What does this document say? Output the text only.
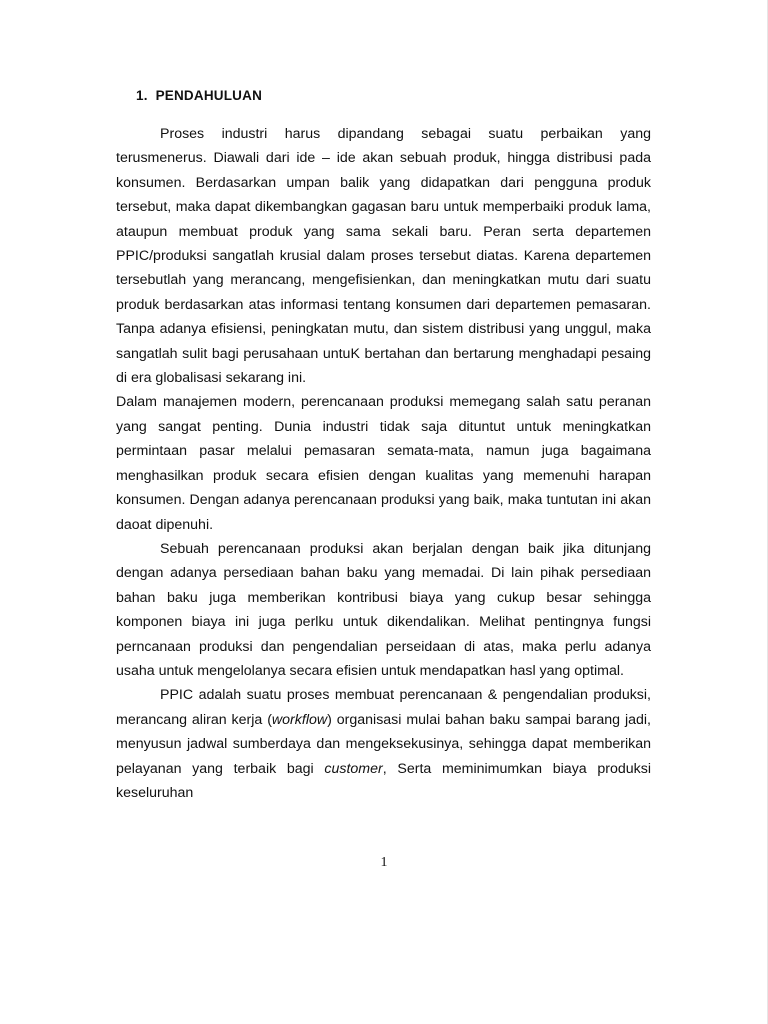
1. PENDAHULUAN

Proses industri harus dipandang sebagai suatu perbaikan yang terusmenerus. Diawali dari ide – ide akan sebuah produk, hingga distribusi pada konsumen. Berdasarkan umpan balik yang didapatkan dari pengguna produk tersebut, maka dapat dikembangkan gagasan baru untuk memperbaiki produk lama, ataupun membuat produk yang sama sekali baru. Peran serta departemen PPIC/produksi sangatlah krusial dalam proses tersebut diatas. Karena departemen tersebutlah yang merancang, mengefisienkan, dan meningkatkan mutu dari suatu produk berdasarkan atas informasi tentang konsumen dari departemen pemasaran. Tanpa adanya efisiensi, peningkatan mutu, dan sistem distribusi yang unggul, maka sangatlah sulit bagi perusahaan untuK bertahan dan bertarung menghadapi pesaing di era globalisasi sekarang ini.

Dalam manajemen modern, perencanaan produksi memegang salah satu peranan yang sangat penting. Dunia industri tidak saja dituntut untuk meningkatkan permintaan pasar melalui pemasaran semata-mata, namun juga bagaimana menghasilkan produk secara efisien dengan kualitas yang memenuhi harapan konsumen. Dengan adanya perencanaan produksi yang baik, maka tuntutan ini akan daoat dipenuhi.

Sebuah perencanaan produksi akan berjalan dengan baik jika ditunjang dengan adanya persediaan bahan baku yang memadai. Di lain pihak persediaan bahan baku juga memberikan kontribusi biaya yang cukup besar sehingga komponen biaya ini juga perlku untuk dikendalikan. Melihat pentingnya fungsi perncanaan produksi dan pengendalian perseidaan di atas, maka perlu adanya usaha untuk mengelolanya secara efisien untuk mendapatkan hasl yang optimal.

PPIC adalah suatu proses membuat perencanaan & pengendalian produksi, merancang aliran kerja (workflow) organisasi mulai bahan baku sampai barang jadi, menyusun jadwal sumberdaya dan mengeksekusinya, sehingga dapat memberikan pelayanan yang terbaik bagi customer, Serta meminimumkan biaya produksi keseluruhan

1
